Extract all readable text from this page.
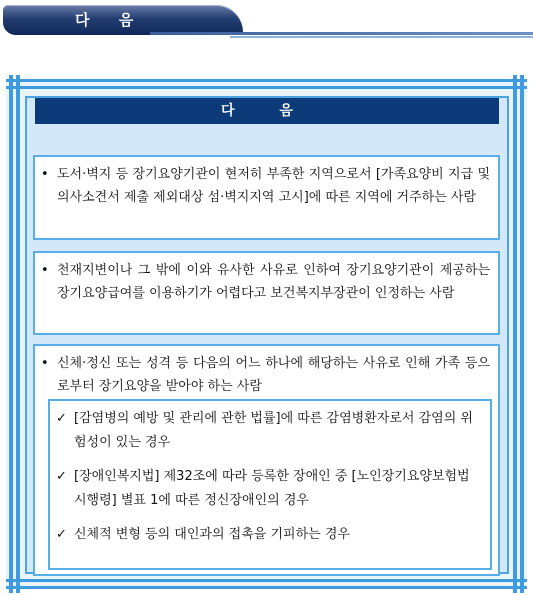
다 음
다 음
• 도서·벽지 등 장기요양기관이 현저히 부족한 지역으로서 [가족요양비 지급 및 의사소견서 제출 제외대상 섬·벽지지역 고시]에 따른 지역에 거주하는 사람
• 천재지변이나 그 밖에 이와 유사한 사유로 인하여 장기요양기관이 제공하는 장기요양급여를 이용하기가 어렵다고 보건복지부장관이 인정하는 사람
• 신체·정신 또는 성격 등 다음의 어느 하나에 해당하는 사유로 인해 가족 등으로부터 장기요양을 받아야 하는 사람
✓ [감염병의 예방 및 관리에 관한 법률]에 따른 감염병환자로서 감염의 위험성이 있는 경우
✓ [장애인복지법] 제32조에 따라 등록한 장애인 중 [노인장기요양보험법 시행령] 별표 1에 따른 정신장애인의 경우
✓ 신체적 변형 등의 대인과의 접촉을 기피하는 경우
